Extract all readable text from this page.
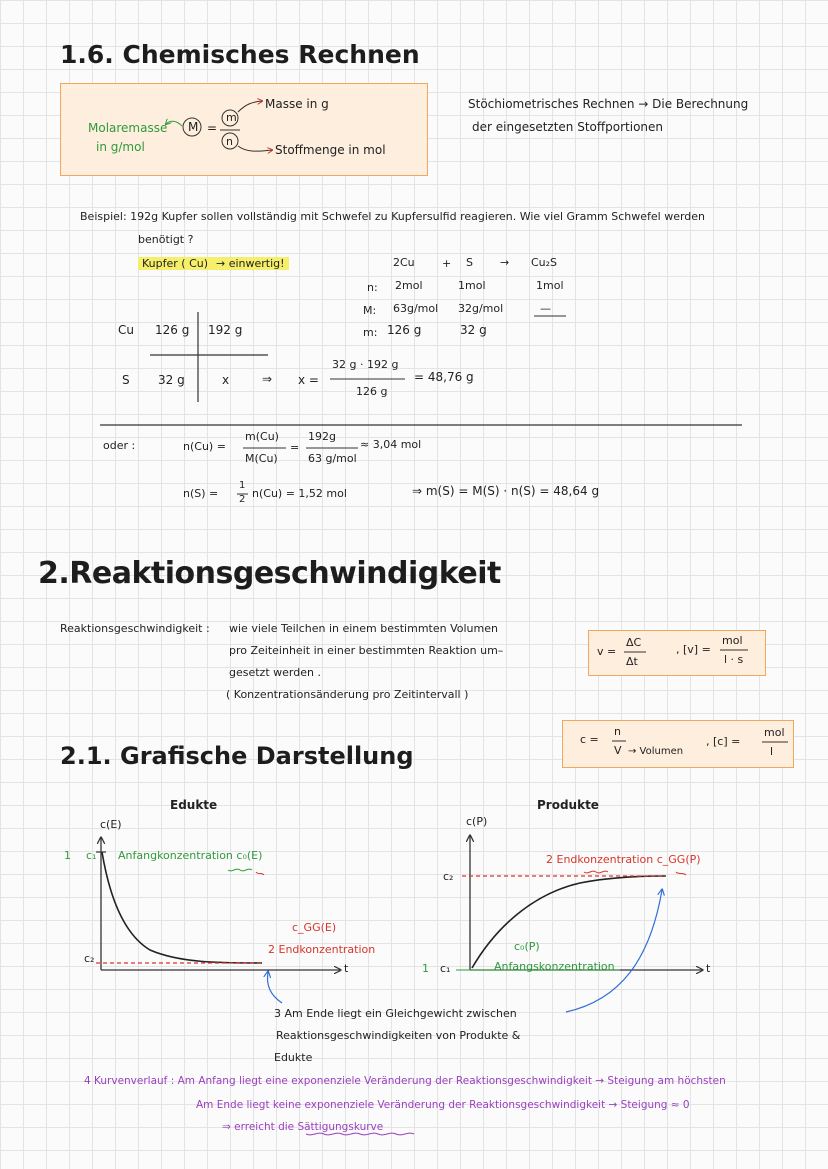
1.6. Chemisches Rechnen
Molaremasse
in g/mol
M =
m
n
Masse in g
Stoffmenge in mol
Stöchiometrisches Rechnen → Die Berechnung
der eingesetzten Stoffportionen
Beispiel: 192g Kupfer sollen vollständig mit Schwefel zu Kupfersulfid reagieren. Wie viel Gramm Schwefel werden
benötigt ?
Kupfer ( Cu) → einwertig!	2Cu + S → Cu₂S
n: 2mol	1mol	1mol
M: 63g/mol 32g/mol	—
m: 126 g	32 g
Cu 126 g 192 g
S 32 g	x	⇒ x =
32 g · 192 g
126 g
= 48,76 g
oder :	n(Cu) =
m(Cu)
M(Cu)
=
192g
63 g/mol
≈ 3,04 mol
n(S) =
1
2 n(Cu) = 1,52 mol	⇒ m(S) = M(S) · n(S) = 48,64 g
2.Reaktionsgeschwindigkeit
Reaktionsgeschwindigkeit : wie viele Teilchen in einem bestimmten Volumen
pro Zeiteinheit in einer bestimmten Reaktion um–
gesetzt werden .
( Konzentrationsänderung pro Zeitintervall )
v =
ΔC
Δt
, [v] =
mol
l · s
c =
n
V → Volumen
, [c] =
mol
l
2.1. Grafische Darstellung
Edukte	Produkte
c(E)
1 c₁ Anfangkonzentration c₀(E)
c₂
c_GG(E)
2 Endkonzentration
t
c(P)
c₂
2 Endkonzentration c_GG(P)
1 c₁
c₀(P)
Anfangskonzentration	t
3 Am Ende liegt ein Gleichgewicht zwischen
Reaktionsgeschwindigkeiten von Produkte &
Edukte
4 Kurvenverlauf : Am Anfang liegt eine exponenziele Veränderung der Reaktionsgeschwindigkeit → Steigung am höchsten
Am Ende liegt keine exponenziele Veränderung der Reaktionsgeschwindigkeit → Steigung ≈ 0
⇒ erreicht die Sättigungskurve
